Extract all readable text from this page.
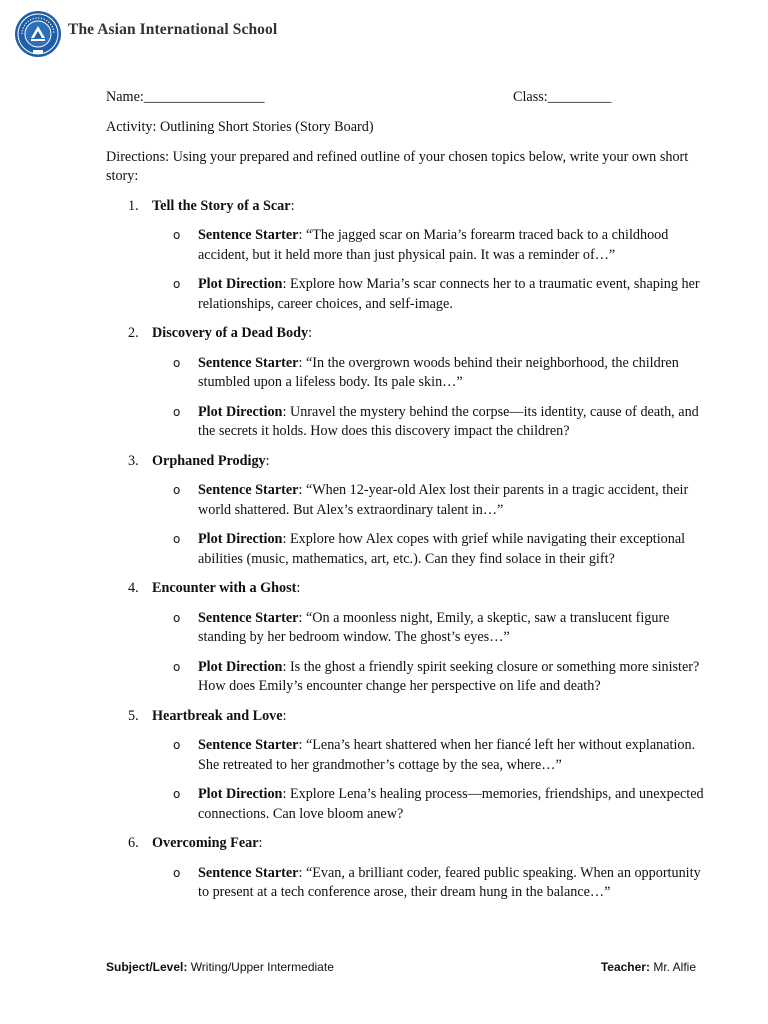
The Asian International School
Name:_________________	Class:_________

Activity: Outlining Short Stories (Story Board)

Directions: Using your prepared and refined outline of your chosen topics below, write your own short story:

1. Tell the Story of a Scar:
o Sentence Starter: “The jagged scar on Maria’s forearm traced back to a childhood accident, but it held more than just physical pain. It was a reminder of…”
o Plot Direction: Explore how Maria’s scar connects her to a traumatic event, shaping her relationships, career choices, and self-image.
2. Discovery of a Dead Body:
o Sentence Starter: “In the overgrown woods behind their neighborhood, the children stumbled upon a lifeless body. Its pale skin…”
o Plot Direction: Unravel the mystery behind the corpse—its identity, cause of death, and the secrets it holds. How does this discovery impact the children?
3. Orphaned Prodigy:
o Sentence Starter: “When 12-year-old Alex lost their parents in a tragic accident, their world shattered. But Alex’s extraordinary talent in…”
o Plot Direction: Explore how Alex copes with grief while navigating their exceptional abilities (music, mathematics, art, etc.). Can they find solace in their gift?
4. Encounter with a Ghost:
o Sentence Starter: “On a moonless night, Emily, a skeptic, saw a translucent figure standing by her bedroom window. The ghost’s eyes…”
o Plot Direction: Is the ghost a friendly spirit seeking closure or something more sinister? How does Emily’s encounter change her perspective on life and death?
5. Heartbreak and Love:
o Sentence Starter: “Lena’s heart shattered when her fiancé left her without explanation. She retreated to her grandmother’s cottage by the sea, where…”
o Plot Direction: Explore Lena’s healing process—memories, friendships, and unexpected connections. Can love bloom anew?
6. Overcoming Fear:
o Sentence Starter: “Evan, a brilliant coder, feared public speaking. When an opportunity to present at a tech conference arose, their dream hung in the balance…”
Subject/Level: Writing/Upper Intermediate	Teacher: Mr. Alfie
